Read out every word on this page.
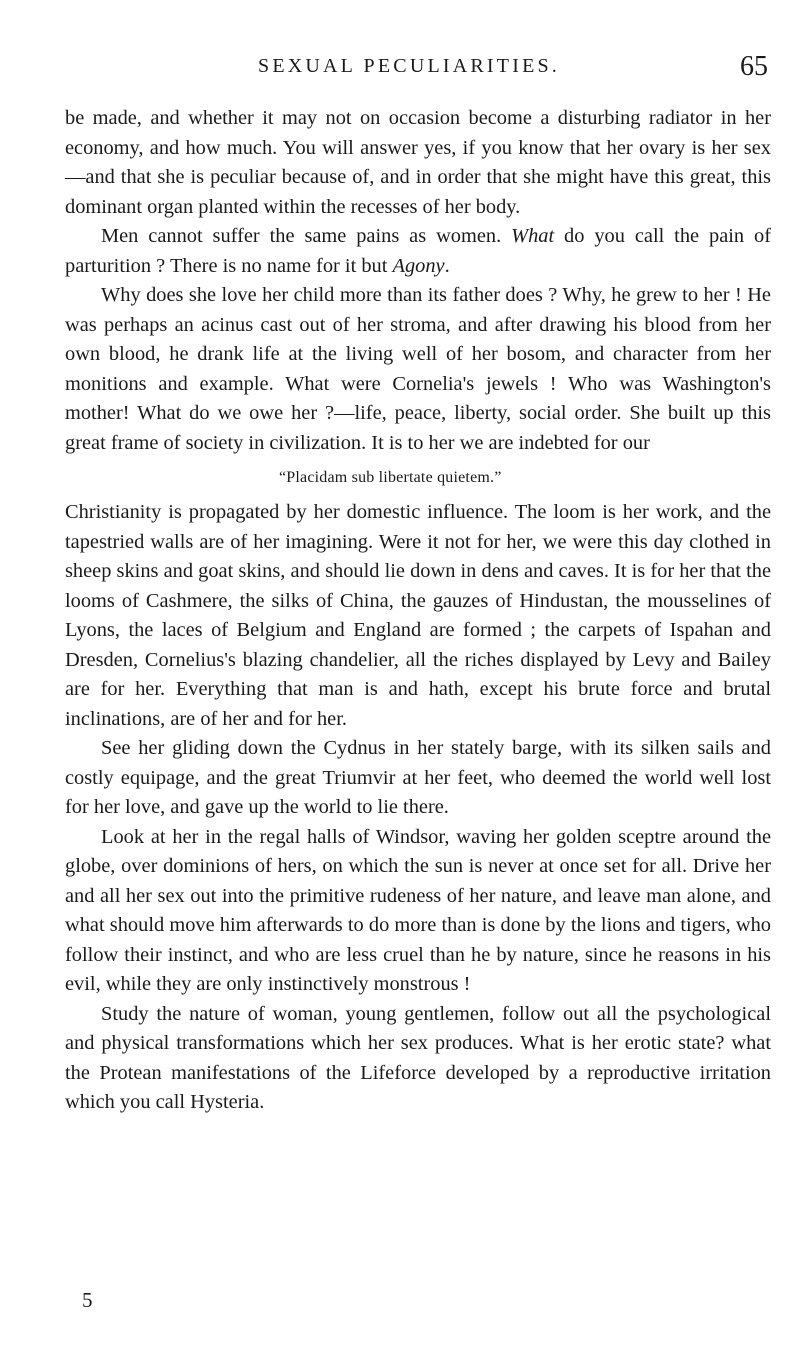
SEXUAL PECULIARITIES.	65

be made, and whether it may not on occasion become a disturbing radiator in her economy, and how much. You will answer yes, if you know that her ovary is her sex—and that she is peculiar because of, and in order that she might have this great, this dominant organ planted within the recesses of her body.

Men cannot suffer the same pains as women. What do you call the pain of parturition ? There is no name for it but Agony.

Why does she love her child more than its father does ? Why, he grew to her ! He was perhaps an acinus cast out of her stroma, and after drawing his blood from her own blood, he drank life at the living well of her bosom, and character from her monitions and example. What were Cornelia's jewels ! Who was Washington's mother! What do we owe her ?—life, peace, liberty, social order. She built up this great frame of society in civilization. It is to her we are indebted for our

“Placidam sub libertate quietem.”

Christianity is propagated by her domestic influence. The loom is her work, and the tapestried walls are of her imagining. Were it not for her, we were this day clothed in sheep skins and goat skins, and should lie down in dens and caves. It is for her that the looms of Cashmere, the silks of China, the gauzes of Hindustan, the mousselines of Lyons, the laces of Belgium and England are formed ; the carpets of Ispahan and Dresden, Cornelius's blazing chandelier, all the riches displayed by Levy and Bailey are for her. Everything that man is and hath, except his brute force and brutal inclinations, are of her and for her.

See her gliding down the Cydnus in her stately barge, with its silken sails and costly equipage, and the great Triumvir at her feet, who deemed the world well lost for her love, and gave up the world to lie there.

Look at her in the regal halls of Windsor, waving her golden sceptre around the globe, over dominions of hers, on which the sun is never at once set for all. Drive her and all her sex out into the primitive rudeness of her nature, and leave man alone, and what should move him afterwards to do more than is done by the lions and tigers, who follow their instinct, and who are less cruel than he by nature, since he reasons in his evil, while they are only instinctively monstrous !

Study the nature of woman, young gentlemen, follow out all the psychological and physical transformations which her sex produces. What is her erotic state? what the Protean manifestations of the Lifeforce developed by a reproductive irritation which you call Hysteria.

5
